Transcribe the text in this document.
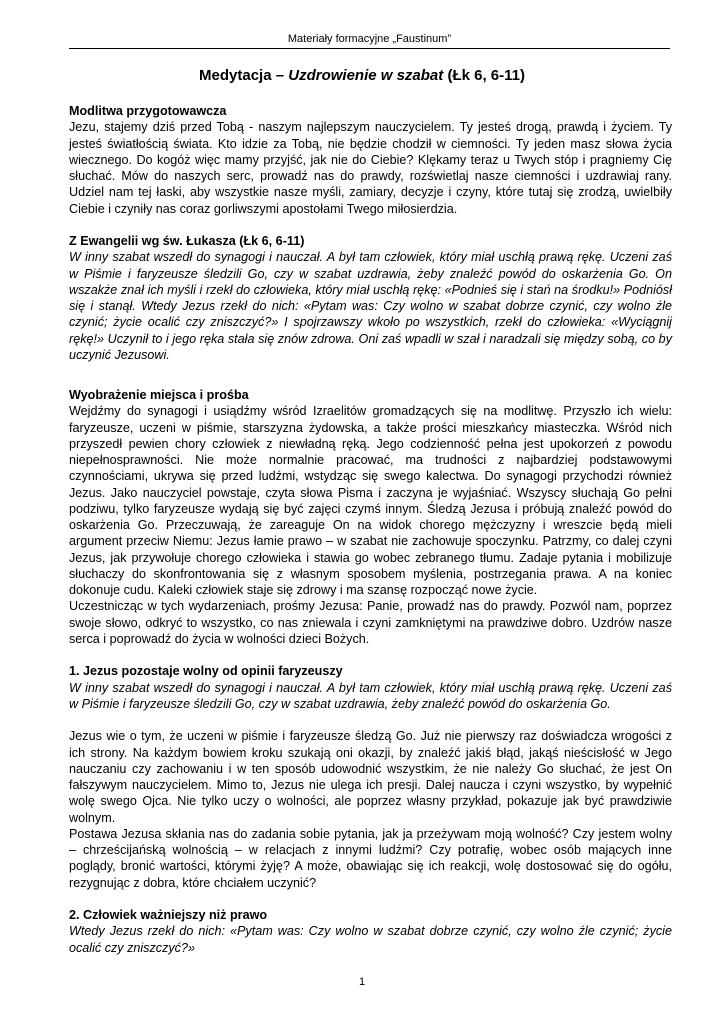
Materiały formacyjne „Faustinum”
Medytacja – Uzdrowienie w szabat (Łk 6, 6-11)
Modlitwa przygotowawcza

Jezu, stajemy dziś przed Tobą - naszym najlepszym nauczycielem. Ty jesteś drogą, prawdą i życiem. Ty jesteś światłością świata. Kto idzie za Tobą, nie będzie chodził w ciemności. Ty jeden masz słowa życia wiecznego. Do kogóż więc mamy przyjść, jak nie do Ciebie? Klękamy teraz u Twych stóp i pragniemy Cię słuchać. Mów do naszych serc, prowadź nas do prawdy, rozświetlaj nasze ciemności i uzdrawiaj rany. Udziel nam tej łaski, aby wszystkie nasze myśli, zamiary, decyzje i czyny, które tutaj się zrodzą, uwielbiły Ciebie i czyniły nas coraz gorliwszymi apostołami Twego miłosierdzia.

Z Ewangelii wg św. Łukasza (Łk 6, 6-11)

W inny szabat wszedł do synagogi i nauczał. A był tam człowiek, który miał uschłą prawą rękę. Uczeni zaś w Piśmie i faryzeusze śledzili Go, czy w szabat uzdrawia, żeby znaleźć powód do oskarżenia Go. On wszakże znał ich myśli i rzekł do człowieka, który miał uschłą rękę: «Podnieś się i stań na środku!» Podniósł się i stanął. Wtedy Jezus rzekł do nich: «Pytam was: Czy wolno w szabat dobrze czynić, czy wolno źle czynić; życie ocalić czy zniszczyć?» I spojrzawszy wkoło po wszystkich, rzekł do człowieka: «Wyciągnij rękę!» Uczynił to i jego ręka stała się znów zdrowa. Oni zaś wpadli w szał i naradzali się między sobą, co by uczynić Jezusowi.

Wyobrażenie miejsca i prośba

Wejdźmy do synagogi i usiądźmy wśród Izraelitów gromadzących się na modlitwę. Przyszło ich wielu: faryzeusze, uczeni w piśmie, starszyzna żydowska, a także prości mieszkańcy miasteczka. Wśród nich przyszedł pewien chory człowiek z niewładną ręką. Jego codzienność pełna jest upokorzeń z powodu niepełnosprawności. Nie może normalnie pracować, ma trudności z najbardziej podstawowymi czynnościami, ukrywa się przed ludźmi, wstydząc się swego kalectwa. Do synagogi przychodzi również Jezus. Jako nauczyciel powstaje, czyta słowa Pisma i zaczyna je wyjaśniać. Wszyscy słuchają Go pełni podziwu, tylko faryzeusze wydają się być zajęci czymś innym. Śledzą Jezusa i próbują znaleźć powód do oskarżenia Go. Przeczuwają, że zareaguje On na widok chorego mężczyzny i wreszcie będą mieli argument przeciw Niemu: Jezus łamie prawo – w szabat nie zachowuje spoczynku. Patrzmy, co dalej czyni Jezus, jak przywołuje chorego człowieka i stawia go wobec zebranego tłumu. Zadaje pytania i mobilizuje słuchaczy do skonfrontowania się z własnym sposobem myślenia, postrzegania prawa. A na koniec dokonuje cudu. Kaleki człowiek staje się zdrowy i ma szansę rozpocząć nowe życie.

Uczestnicząc w tych wydarzeniach, prośmy Jezusa: Panie, prowadź nas do prawdy. Pozwól nam, poprzez swoje słowo, odkryć to wszystko, co nas zniewala i czyni zamkniętymi na prawdziwe dobro. Uzdrów nasze serca i poprowadź do życia w wolności dzieci Bożych.

1. Jezus pozostaje wolny od opinii faryzeuszy

W inny szabat wszedł do synagogi i nauczał. A był tam człowiek, który miał uschłą prawą rękę. Uczeni zaś w Piśmie i faryzeusze śledzili Go, czy w szabat uzdrawia, żeby znaleźć powód do oskarżenia Go.

Jezus wie o tym, że uczeni w piśmie i faryzeusze śledzą Go. Już nie pierwszy raz doświadcza wrogości z ich strony. Na każdym bowiem kroku szukają oni okazji, by znaleźć jakiś błąd, jakąś nieścisłość w Jego nauczaniu czy zachowaniu i w ten sposób udowodnić wszystkim, że nie należy Go słuchać, że jest On fałszywym nauczycielem. Mimo to, Jezus nie ulega ich presji. Dalej naucza i czyni wszystko, by wypełnić wolę swego Ojca. Nie tylko uczy o wolności, ale poprzez własny przykład, pokazuje jak być prawdziwie wolnym.

Postawa Jezusa skłania nas do zadania sobie pytania, jak ja przeżywam moją wolność? Czy jestem wolny – chrześcijańską wolnością – w relacjach z innymi ludźmi? Czy potrafię, wobec osób mających inne poglądy, bronić wartości, którymi żyję? A może, obawiając się ich reakcji, wolę dostosować się do ogółu, rezygnując z dobra, które chciałem uczynić?

2. Człowiek ważniejszy niż prawo

Wtedy Jezus rzekł do nich: «Pytam was: Czy wolno w szabat dobrze czynić, czy wolno źle czynić; życie ocalić czy zniszczyć?»

1
